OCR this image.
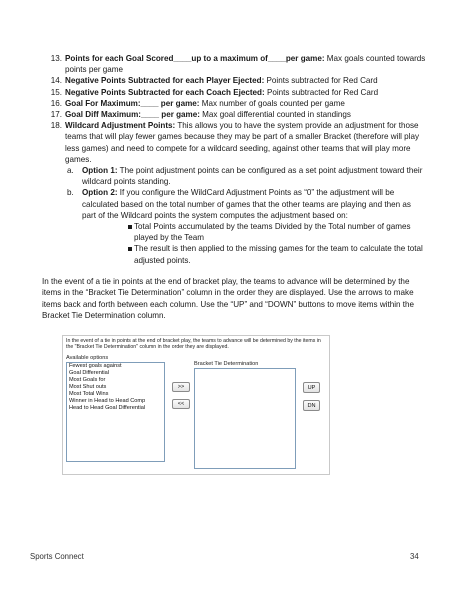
13. Points for each Goal Scored____up to a maximum of____per game: Max goals counted towards points per game
14. Negative Points Subtracted for each Player Ejected: Points subtracted for Red Card
15. Negative Points Subtracted for each Coach Ejected: Points subtracted for Red Card
16. Goal For Maximum:____ per game: Max number of goals counted per game
17. Goal Diff Maximum:____ per game: Max goal differential counted in standings
18. Wildcard Adjustment Points: This allows you to have the system provide an adjustment for those teams that will play fewer games because they may be part of a smaller Bracket (therefore will play less games) and need to compete for a wildcard seeding, against other teams that will play more games.
a. Option 1: The point adjustment points can be configured as a set point adjustment toward their wildcard points standing.
b. Option 2: If you configure the WildCard Adjustment Points as “0” the adjustment will be calculated based on the total number of games that the other teams are playing and then as part of the Wildcard points the system computes the adjustment based on:
Total Points accumulated by the teams Divided by the Total number of games played by the Team
The result is then applied to the missing games for the team to calculate the total adjusted points.

In the event of a tie in points at the end of bracket play, the teams to advance will be determined by the items in the “Bracket Tie Determination” column in the order they are displayed. Use the arrows to make items back and forth between each column. Use the “UP” and “DOWN” buttons to move items within the Bracket Tie Determination column.

In the event of a tie in points at the end of bracket play, the teams to advance will be determined by the items in the "Bracket Tie Determination" column in the order they are displayed.
Available options
Fewest goals against
Goal Differential
Most Goals for
Most Shut outs
Most Total Wins
Winner in Head to Head Comp
Head to Head Goal Differential
>>
<<
Bracket Tie Determination
UP
DN
Sports Connect	34
